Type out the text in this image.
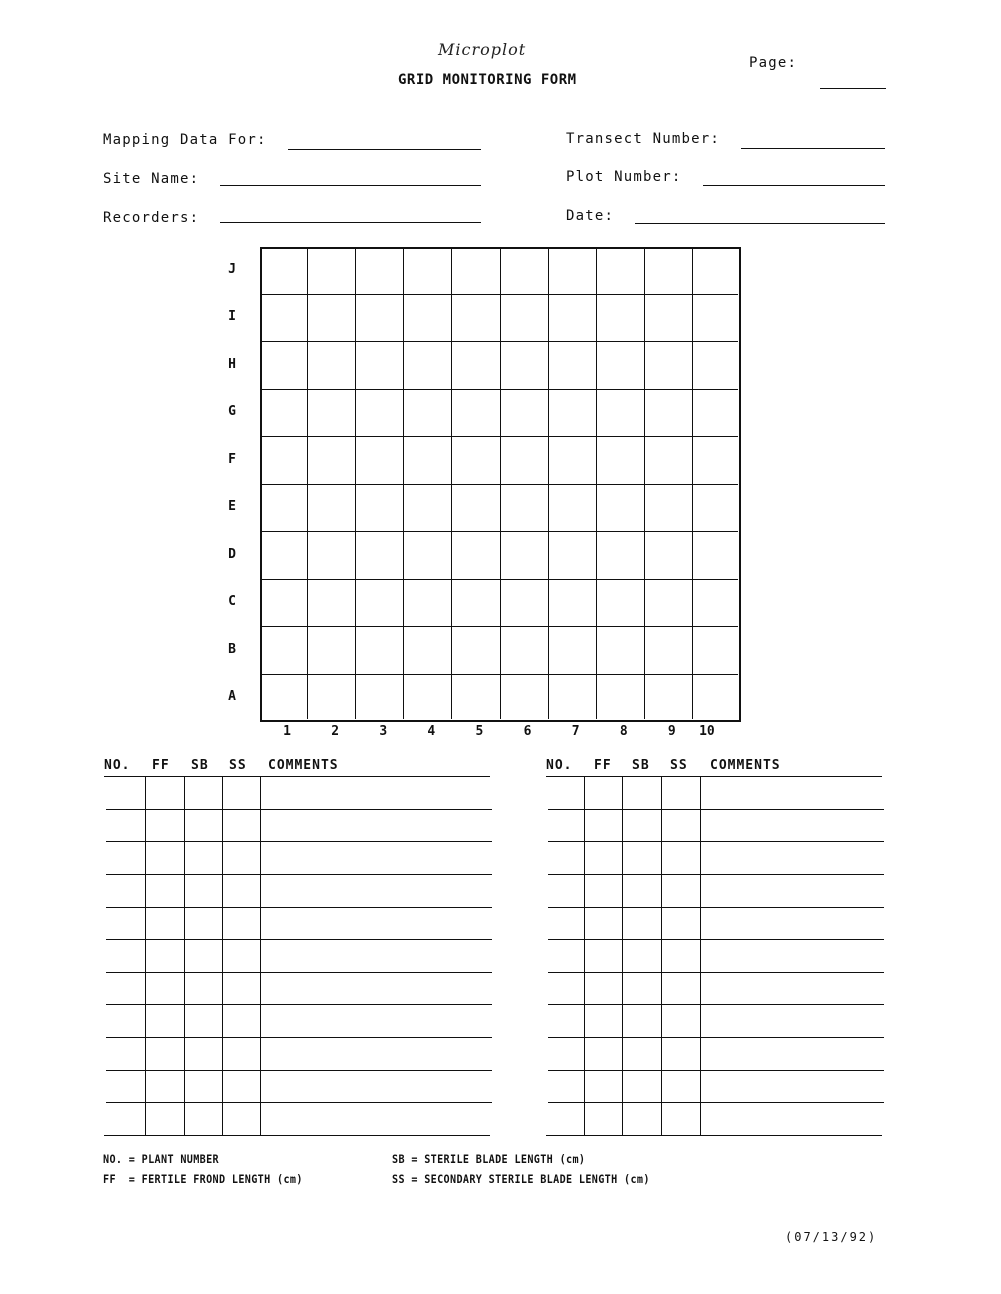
Microplot
GRID MONITORING FORM
Page:
Mapping Data For:
Site Name:
Recorders:
Transect Number:
Plot Number:
Date:
J
I
H
G
F
E
D
C
B
A
1	2	3	4	5	6	7	8	9	10
NO. FF SB SS COMMENTS	NO. FF SB SS COMMENTS
NO. = PLANT NUMBER
FF  = FERTILE FROND LENGTH (cm)
SB = STERILE BLADE LENGTH (cm)
SS = SECONDARY STERILE BLADE LENGTH (cm)
(07/13/92)
